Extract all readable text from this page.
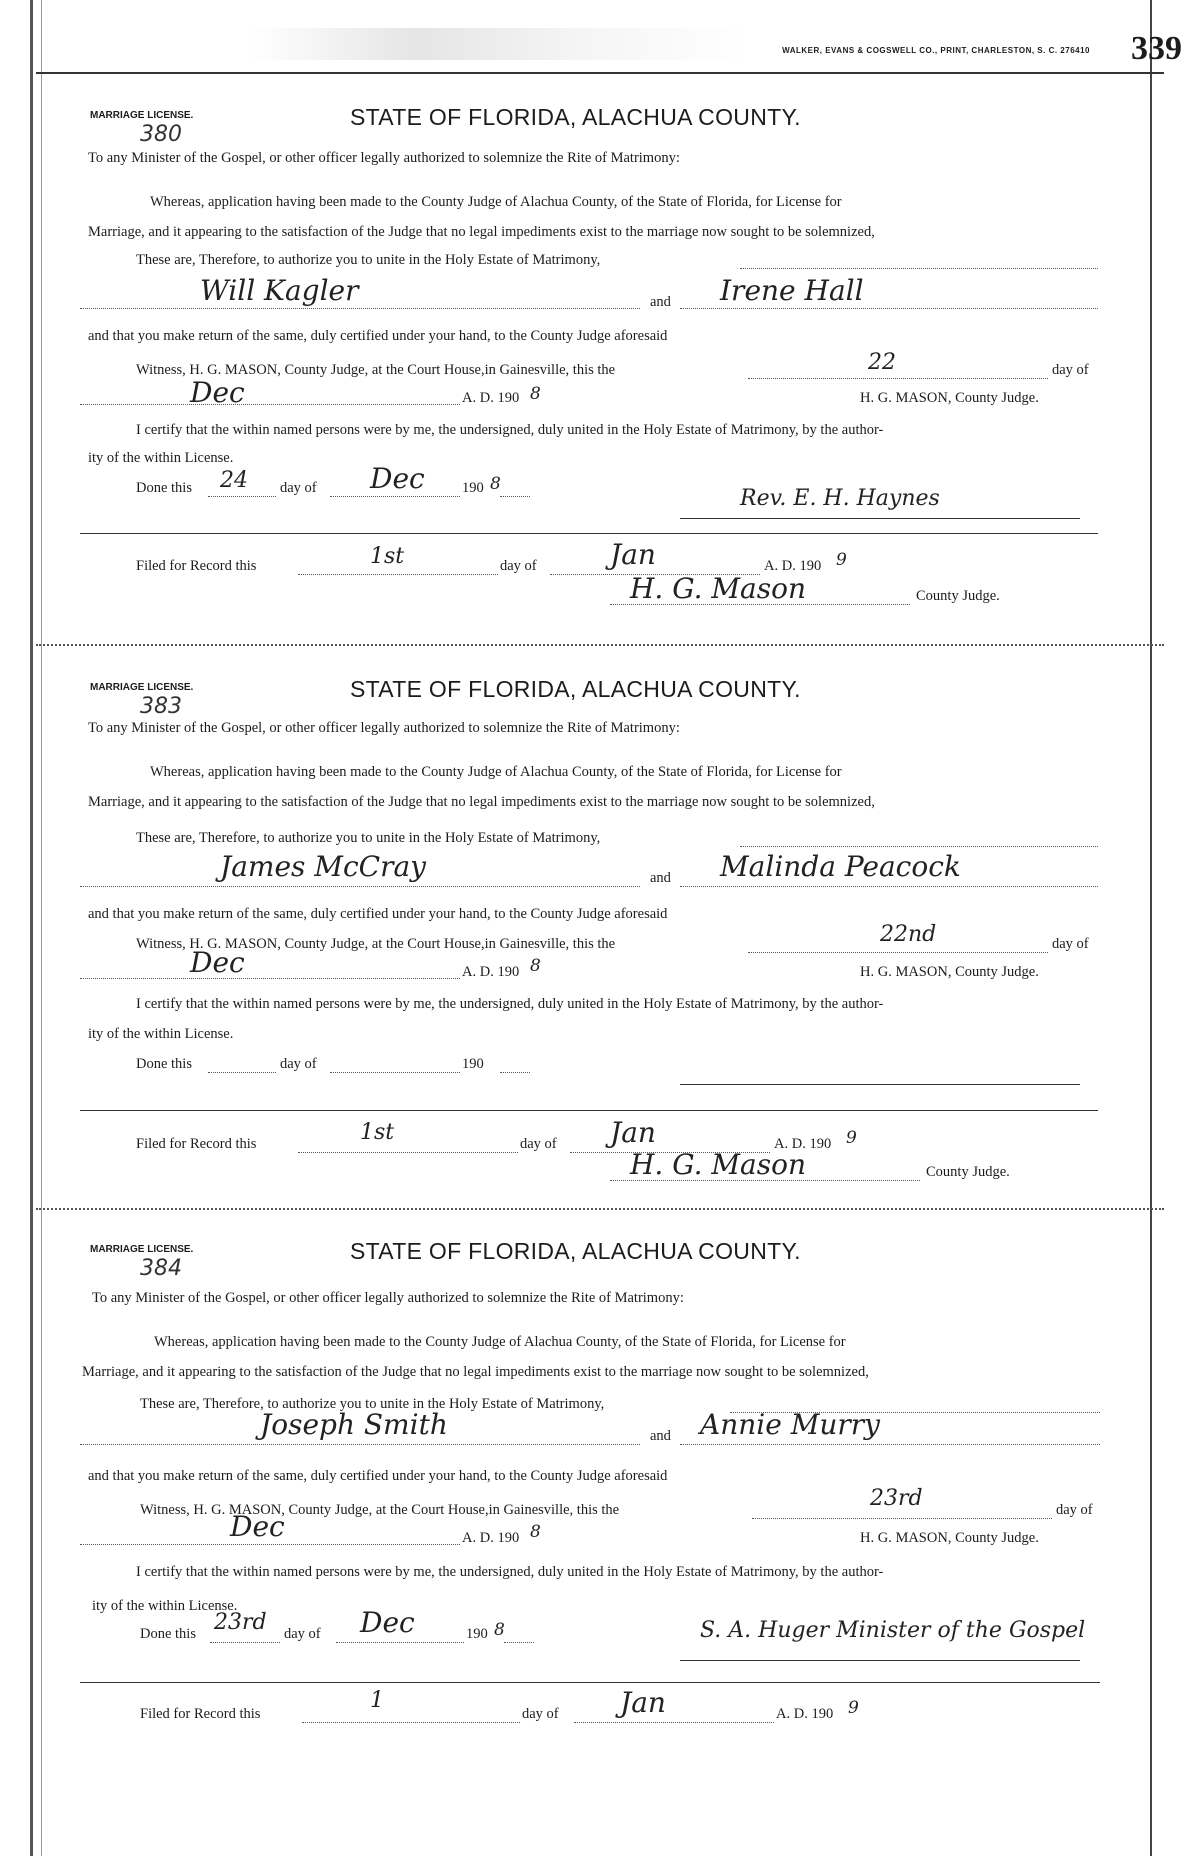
WALKER, EVANS & COGSWELL CO., PRINT, CHARLESTON, S. C. 276410 339
MARRIAGE LICENSE.
380
STATE OF FLORIDA, ALACHUA COUNTY.
To any Minister of the Gospel, or other officer legally authorized to solemnize the Rite of Matrimony:
Whereas, application having been made to the County Judge of Alachua County, of the State of Florida, for License for
Marriage, and it appearing to the satisfaction of the Judge that no legal impediments exist to the marriage now sought to be solemnized,
These are, Therefore, to authorize you to unite in the Holy Estate of Matrimony,
Will Kagler	and Irene Hall
and that you make return of the same, duly certified under your hand, to the County Judge aforesaid
Witness, H. G. MASON, County Judge, at the Court House,in Gainesville, this the	22	day of
Dec	A. D. 190 8	H. G. MASON, County Judge.
I certify that the within named persons were by me, the undersigned, duly united in the Holy Estate of Matrimony, by the author-
ity of the within License.
Done this 24 day of Dec	190 8
Rev. E. H. Haynes
Filed for Record this	1st	day of	Jan	A. D. 190 9
H. G. Mason	County Judge.
MARRIAGE LICENSE.
383
STATE OF FLORIDA, ALACHUA COUNTY.
To any Minister of the Gospel, or other officer legally authorized to solemnize the Rite of Matrimony:
Whereas, application having been made to the County Judge of Alachua County, of the State of Florida, for License for
Marriage, and it appearing to the satisfaction of the Judge that no legal impediments exist to the marriage now sought to be solemnized,
These are, Therefore, to authorize you to unite in the Holy Estate of Matrimony,
James McCray	and Malinda Peacock
and that you make return of the same, duly certified under your hand, to the County Judge aforesaid
Witness, H. G. MASON, County Judge, at the Court House,in Gainesville, this the	22nd	day of
Dec	A. D. 190 8	H. G. MASON, County Judge.
I certify that the within named persons were by me, the undersigned, duly united in the Holy Estate of Matrimony, by the author-
ity of the within License.
Done this	day of	190
Filed for Record this	1st	day of Jan	A. D. 190 9
H. G. Mason	County Judge.
MARRIAGE LICENSE.
384
STATE OF FLORIDA, ALACHUA COUNTY.
To any Minister of the Gospel, or other officer legally authorized to solemnize the Rite of Matrimony:
Whereas, application having been made to the County Judge of Alachua County, of the State of Florida, for License for
Marriage, and it appearing to the satisfaction of the Judge that no legal impediments exist to the marriage now sought to be solemnized,
These are, Therefore, to authorize you to unite in the Holy Estate of Matrimony,
Joseph Smith	and Annie Murry
and that you make return of the same, duly certified under your hand, to the County Judge aforesaid
Witness, H. G. MASON, County Judge, at the Court House,in Gainesville, this the	23rd	day of
Dec	A. D. 190 8	H. G. MASON, County Judge.
I certify that the within named persons were by me, the undersigned, duly united in the Holy Estate of Matrimony, by the author-
ity of the within License.
Done this 23rd day of Dec	190 8	S. A. Huger Minister of the Gospel
Filed for Record this
1
day of Jan	A. D. 190 9
